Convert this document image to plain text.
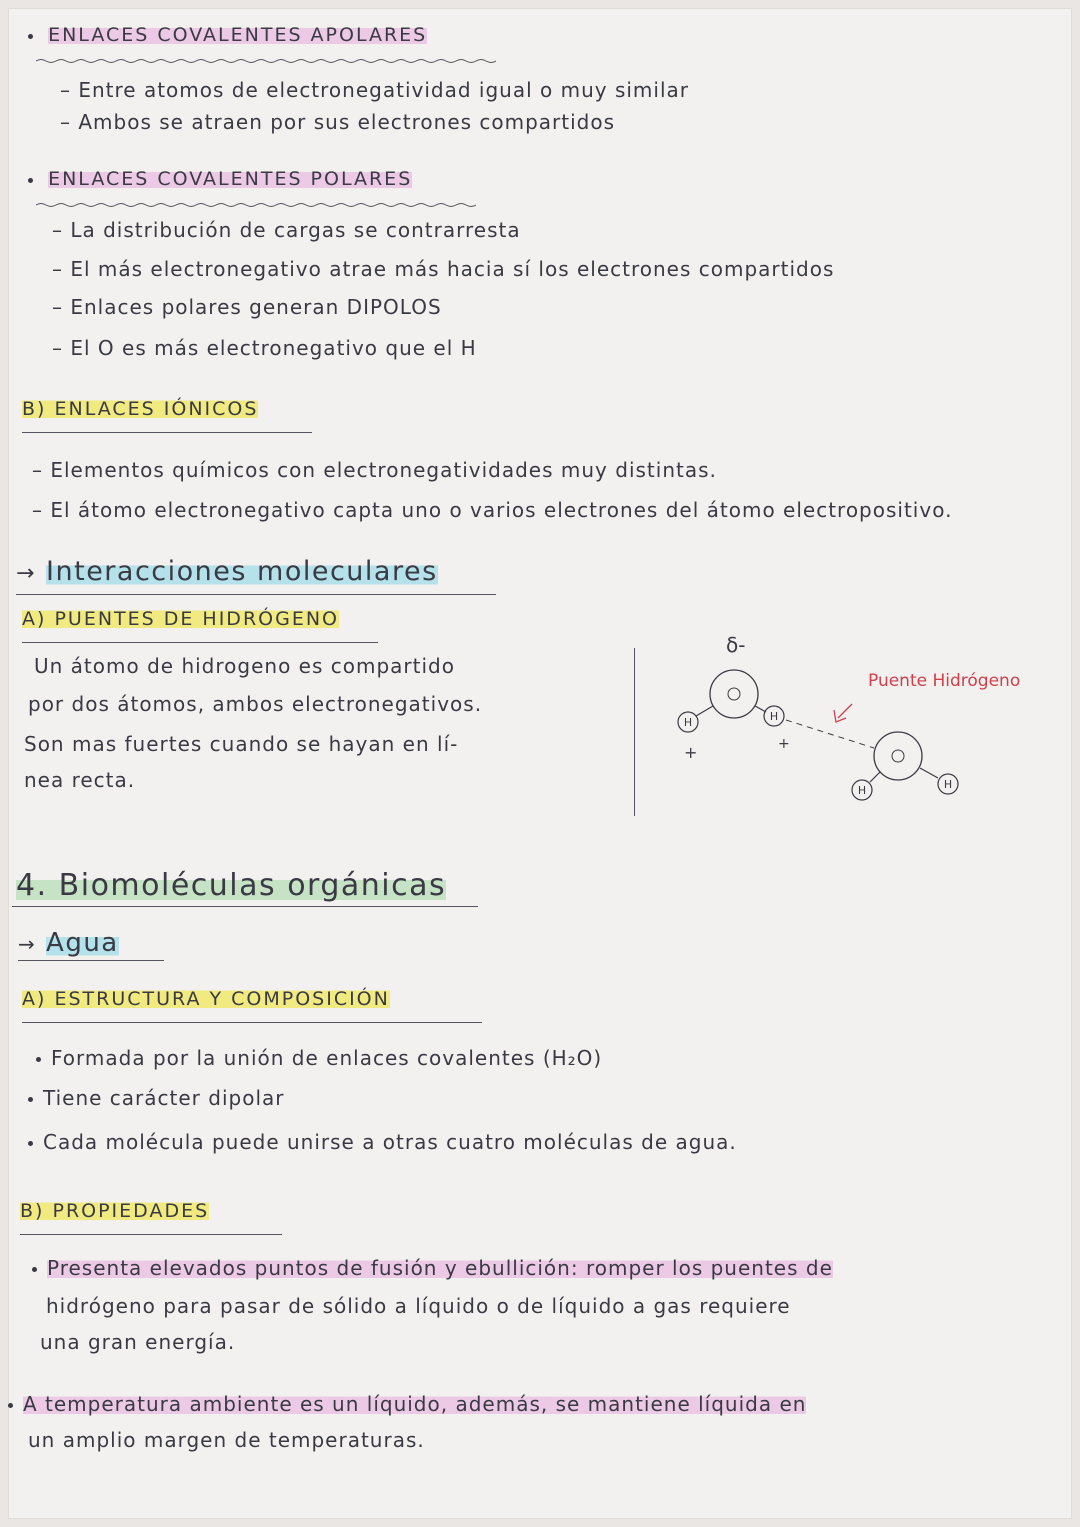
ENLACES COVALENTES APOLARES
– Entre atomos de electronegatividad igual o muy similar
– Ambos se atraen por sus electrones compartidos
ENLACES COVALENTES POLARES
– La distribución de cargas se contrarresta
– El más electronegativo atrae más hacia sí los electrones compartidos
– Enlaces polares generan DIPOLOS
– El O es más electronegativo que el H
B) ENLACES IÓNICOS
– Elementos químicos con electronegatividades muy distintas.
– El átomo electronegativo capta uno o varios electrones del átomo electropositivo.
→ Interacciones moleculares
A) PUENTES DE HIDRÓGENO
Un átomo de hidrogeno es compartido
por dos átomos, ambos electronegativos.
Son mas fuertes cuando se hayan en lí-
nea recta.
δ-
H	H
+	+
H	H
Puente Hidrógeno
4. Biomoléculas orgánicas
→ Agua
A) ESTRUCTURA Y COMPOSICIÓN
Formada por la unión de enlaces covalentes (H₂O)
Tiene carácter dipolar
Cada molécula puede unirse a otras cuatro moléculas de agua.
B) PROPIEDADES
Presenta elevados puntos de fusión y ebullición: romper los puentes de
hidrógeno para pasar de sólido a líquido o de líquido a gas requiere
una gran energía.
A temperatura ambiente es un líquido, además, se mantiene líquida en
un amplio margen de temperaturas.
